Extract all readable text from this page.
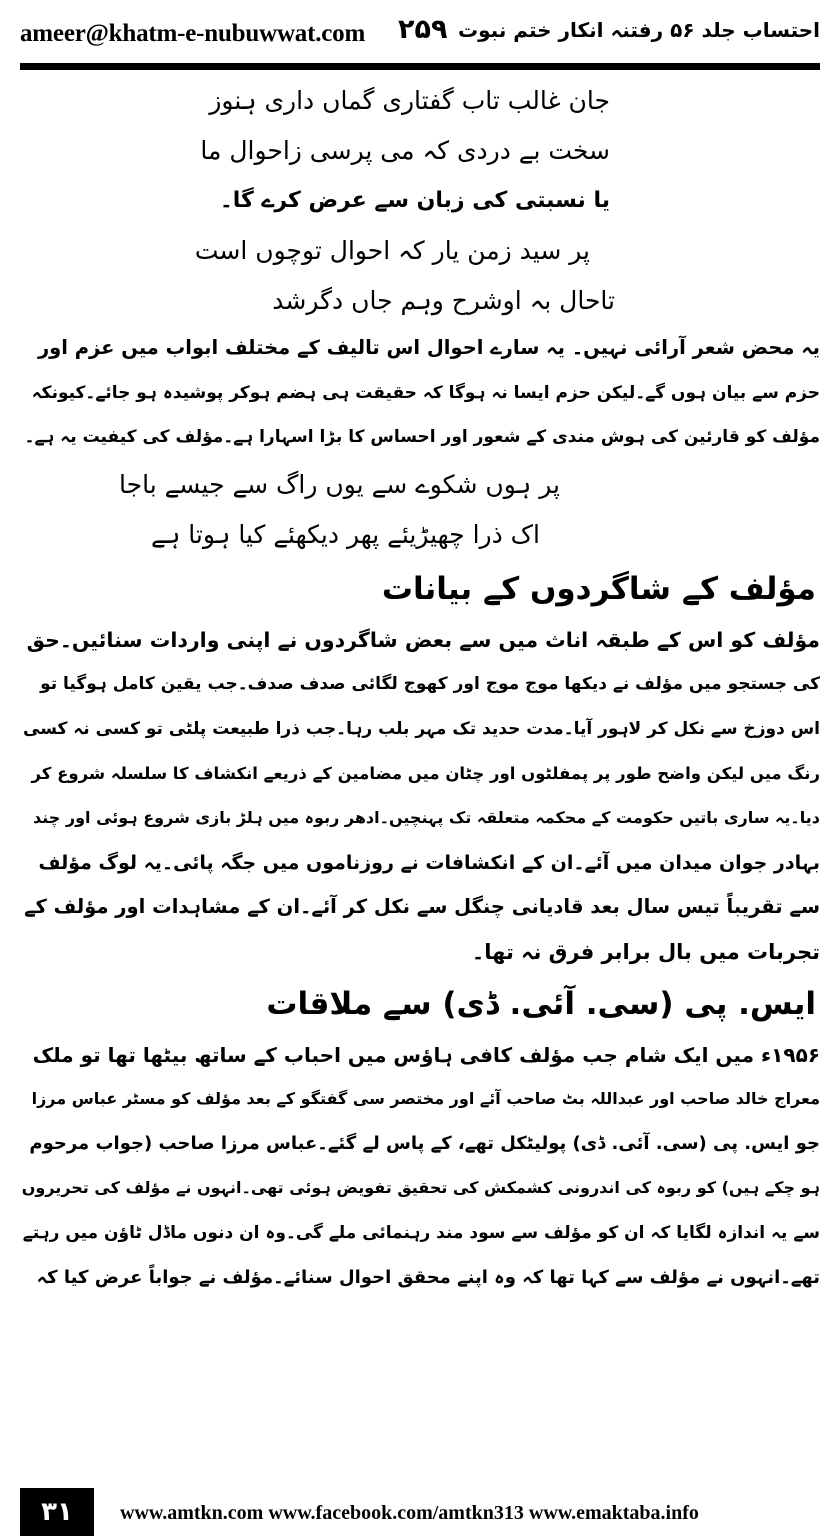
ameer@khatm-e-nubuwwat.com ۲۵۹ احتساب جلد ۵۶ رفتنہ انکار ختم نبوت
جان غالب تاب گفتاری گماں داری ہنوز
سخت بے دردی کہ می پرسی زاحوال ما
یا نسبتی کی زبان سے عرض کرے گا۔
پر سید زمن یار کہ احوال توچوں است
تاحال بہ اوشرح وہم جاں دگرشد
یہ محض شعر آرائی نہیں۔ یہ سارے احوال اس تالیف کے مختلف ابواب میں عزم اور
حزم سے بیان ہوں گے۔لیکن حزم ایسا نہ ہوگا کہ حقیقت ہی ہضم ہوکر پوشیدہ ہو جائے۔کیونکہ
مؤلف کو قارئین کی ہوش مندی کے شعور اور احساس کا بڑا اسہارا ہے۔مؤلف کی کیفیت یہ ہے۔
پر ہوں شکوے سے یوں راگ سے جیسے باجا
اک ذرا چھیڑیئے پھر دیکھئے کیا ہوتا ہے
مؤلف کے شاگردوں کے بیانات
مؤلف کو اس کے طبقہ اناث میں سے بعض شاگردوں نے اپنی واردات سنائیں۔حق
کی جستجو میں مؤلف نے دیکھا موج موج اور کھوج لگائی صدف صدف۔جب یقین کامل ہوگیا تو
اس دوزخ سے نکل کر لاہور آیا۔مدت حدید تک مہر بلب رہا۔جب ذرا طبیعت پلٹی تو کسی نہ کسی
رنگ میں لیکن واضح طور پر پمفلٹوں اور چٹان میں مضامین کے ذریعے انکشاف کا سلسلہ شروع کر
دیا۔یہ ساری باتیں حکومت کے محکمہ متعلقہ تک پہنچیں۔ادھر ربوہ میں ہلڑ بازی شروع ہوئی اور چند
بہادر جوان میدان میں آئے۔ان کے انکشافات نے روزناموں میں جگہ پائی۔یہ لوگ مؤلف
سے تقریباً تیس سال بعد قادیانی چنگل سے نکل کر آئے۔ان کے مشاہدات اور مؤلف کے
تجربات میں بال برابر فرق نہ تھا۔
ایس. پی (سی. آئی. ڈی) سے ملاقات
۱۹۵۶ء میں ایک شام جب مؤلف کافی ہاؤس میں احباب کے ساتھ بیٹھا تھا تو ملک
معراج خالد صاحب اور عبداللہ بٹ صاحب آئے اور مختصر سی گفتگو کے بعد مؤلف کو مسٹر عباس مرزا
جو ایس. پی (سی. آئی. ڈی) پولیٹکل تھے، کے پاس لے گئے۔عباس مرزا صاحب (جواب مرحوم
ہو چکے ہیں) کو ربوہ کی اندرونی کشمکش کی تحقیق تفویض ہوئی تھی۔انہوں نے مؤلف کی تحریروں
سے یہ اندازہ لگایا کہ ان کو مؤلف سے سود مند رہنمائی ملے گی۔وہ ان دنوں ماڈل ٹاؤن میں رہتے
تھے۔انہوں نے مؤلف سے کہا تھا کہ وہ اپنے محقق احوال سنائے۔مؤلف نے جواباً عرض کیا کہ
۳۱	www.amtkn.com www.facebook.com/amtkn313 www.emaktaba.info
